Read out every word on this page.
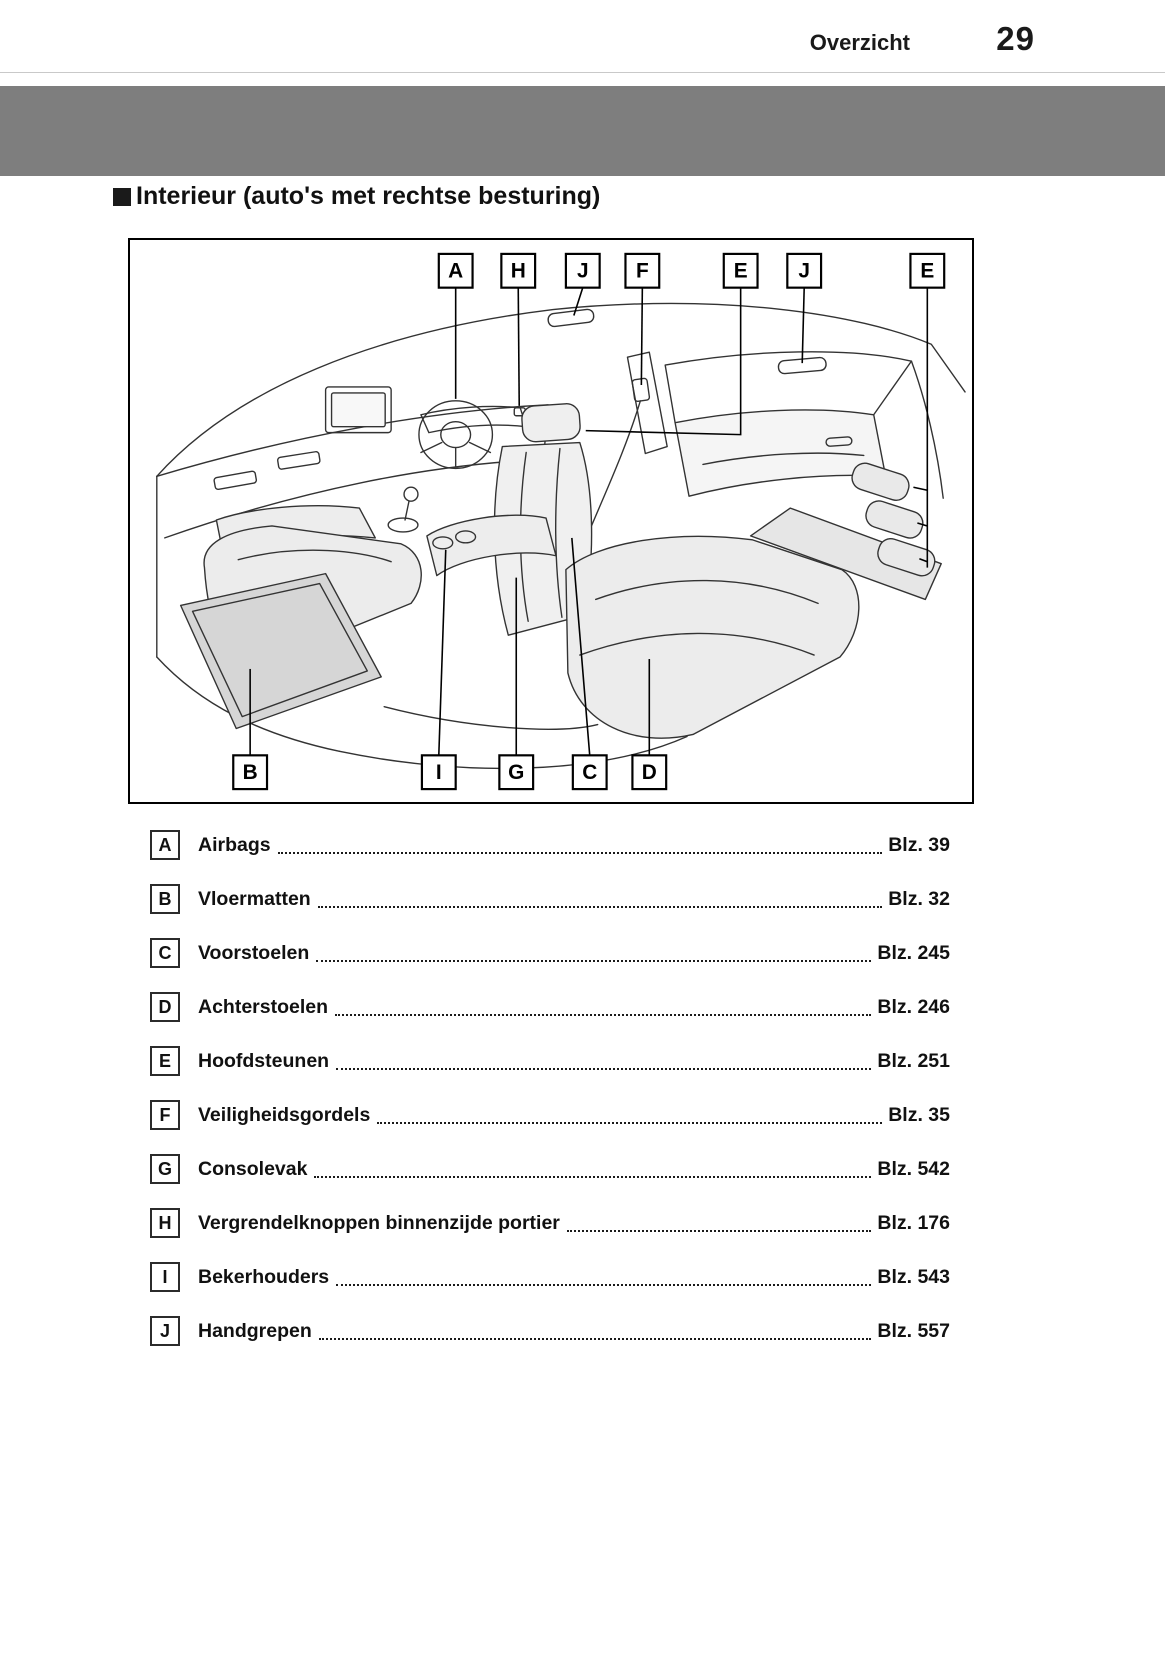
Overzicht	29
Interieur (auto's met rechtse besturing)
A H J F	E J	E
B	I	G	C D
A	Airbags	Blz. 39
B	Vloermatten	Blz. 32
C	Voorstoelen	Blz. 245
D	Achterstoelen	Blz. 246
E	Hoofdsteunen	Blz. 251
F	Veiligheidsgordels	Blz. 35
G	Consolevak	Blz. 542
H	Vergrendelknoppen binnenzijde portier	Blz. 176
I	Bekerhouders	Blz. 543
J	Handgrepen	Blz. 557
